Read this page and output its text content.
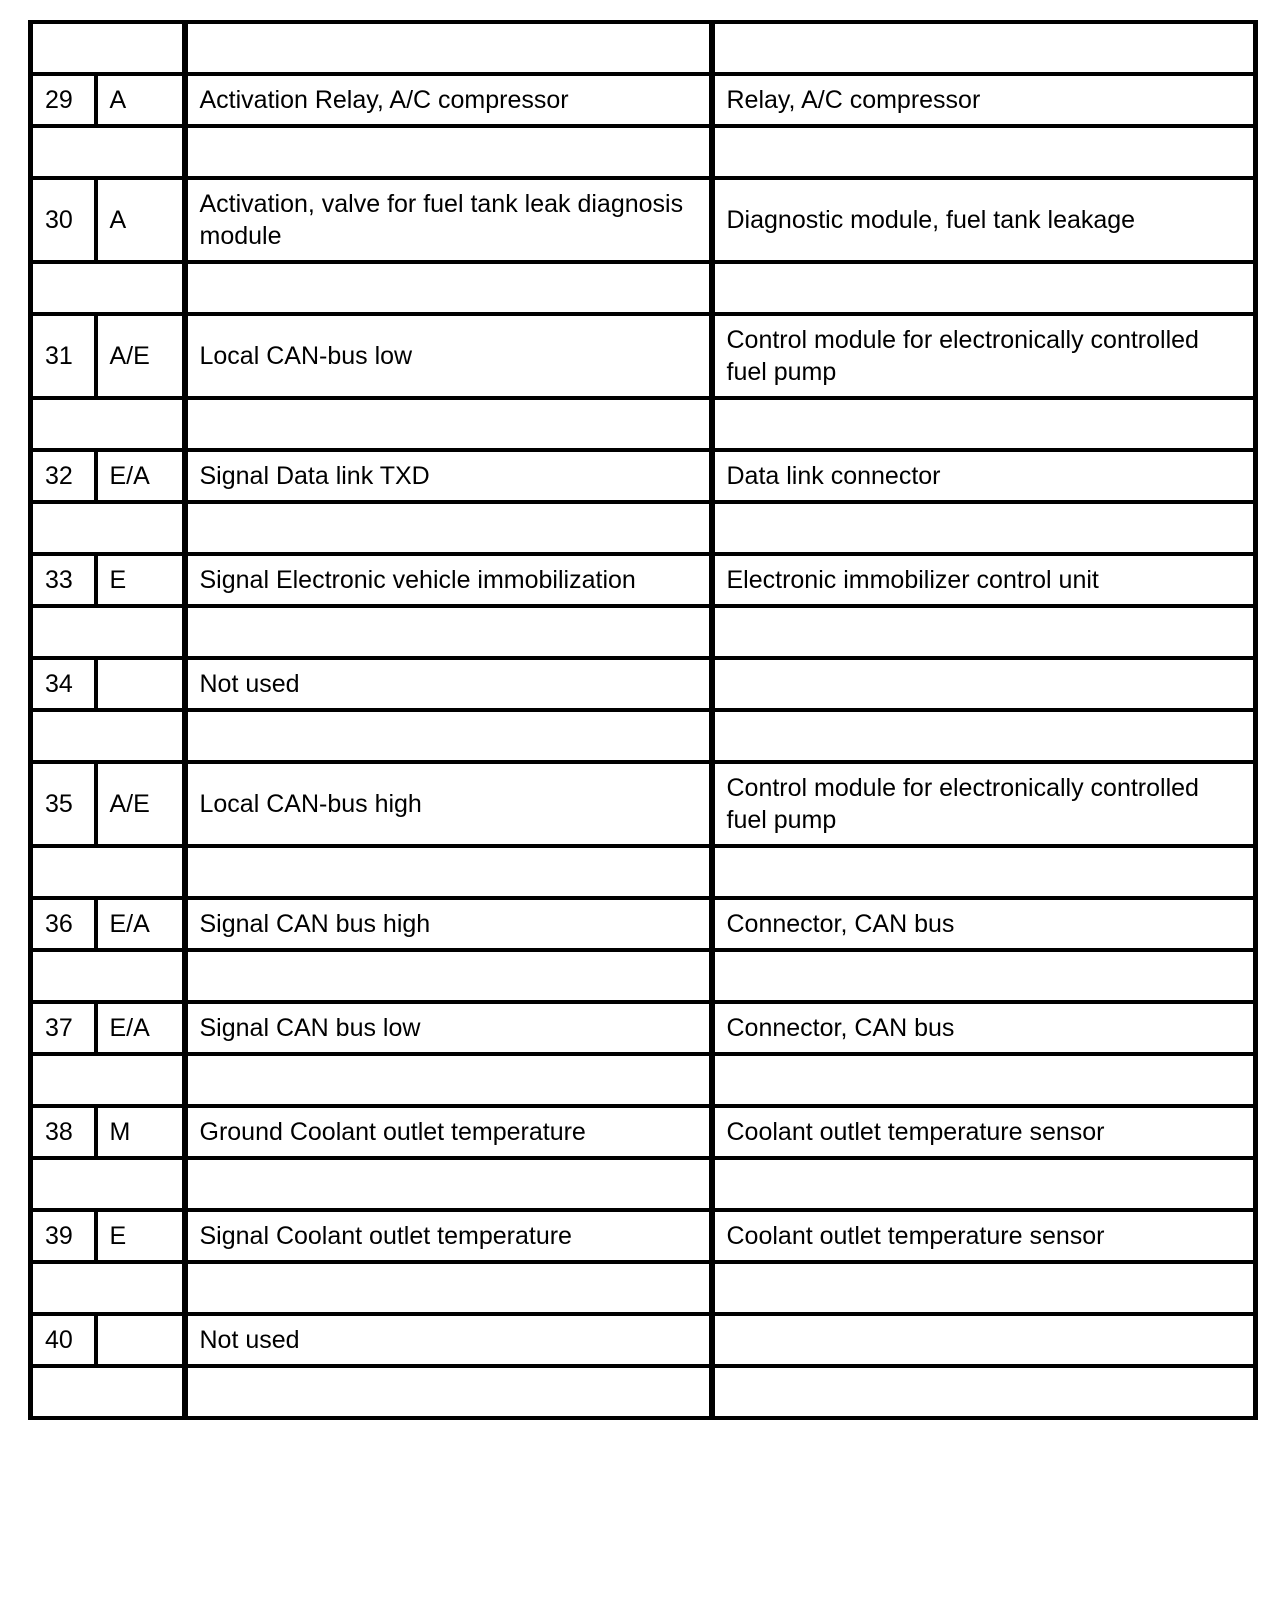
29	A	Activation Relay, A/C compressor	Relay, A/C compressor

30	A	Activation, valve for fuel tank leak diagnosis module	Diagnostic module, fuel tank leakage

31	A/E	Local CAN-bus low	Control module for electronically controlled fuel pump

32	E/A	Signal Data link TXD	Data link connector

33	E	Signal Electronic vehicle immobilization	Electronic immobilizer control unit

34		Not used	

35	A/E	Local CAN-bus high	Control module for electronically controlled fuel pump

36	E/A	Signal CAN bus high	Connector, CAN bus

37	E/A	Signal CAN bus low	Connector, CAN bus

38	M	Ground Coolant outlet temperature	Coolant outlet temperature sensor

39	E	Signal Coolant outlet temperature	Coolant outlet temperature sensor

40		Not used	
